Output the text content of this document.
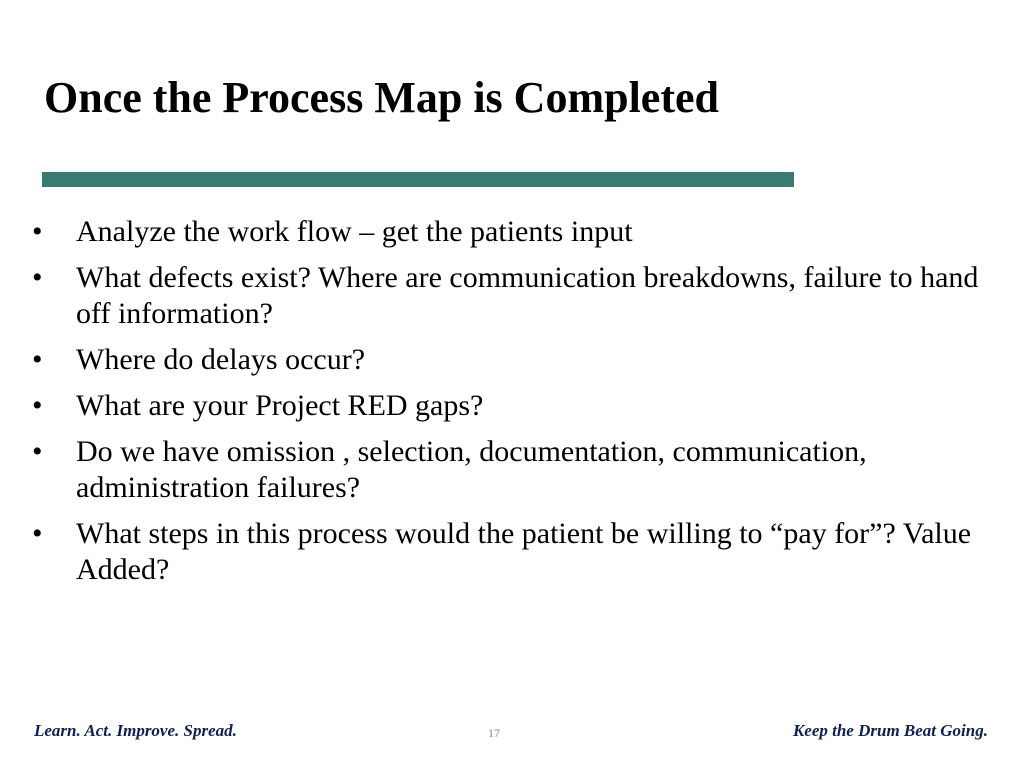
Once the Process Map is Completed
•	Analyze the work flow – get the patients input
•	What defects exist? Where are communication breakdowns, failure to hand off information?
•	Where do delays occur?
•	What are your Project RED gaps?
•	Do we have omission , selection, documentation, communication, administration failures?
•	What steps in this process would the patient be willing to “pay for”? Value Added?
Learn. Act. Improve. Spread.	17	Keep the Drum Beat Going.
